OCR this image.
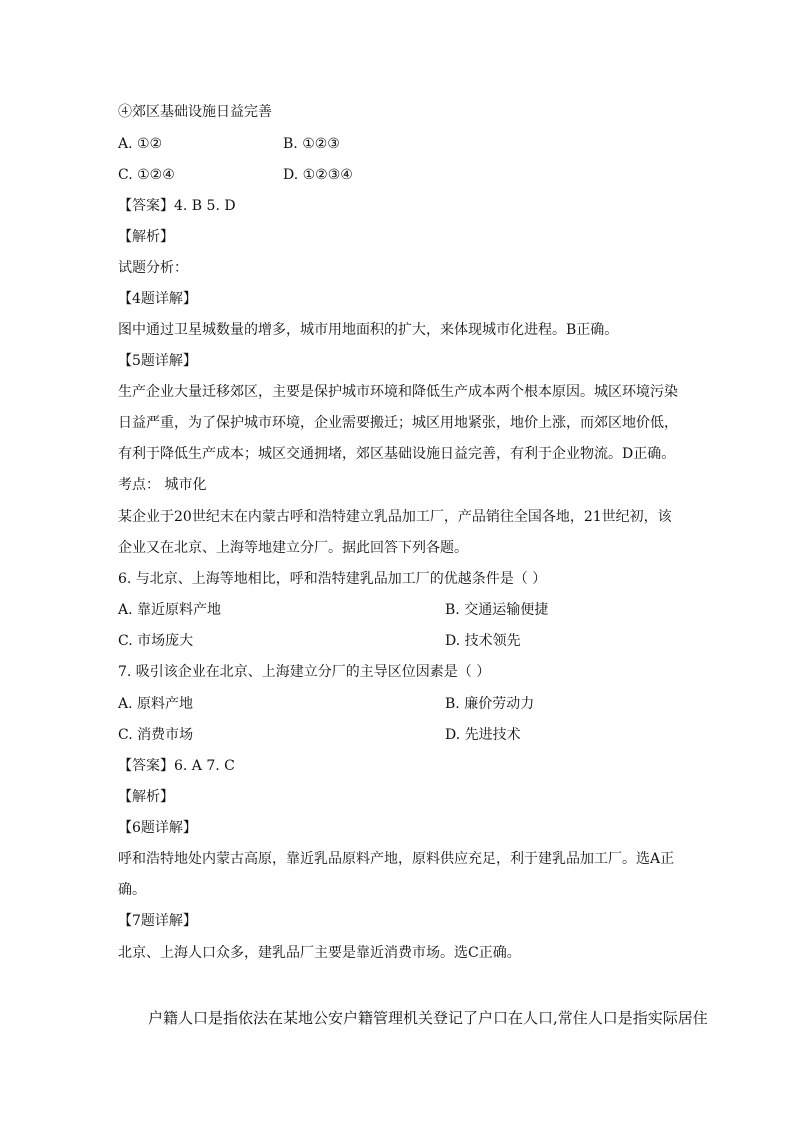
④郊区基础设施日益完善
A. ①②	B. ①②③
C. ①②④	D. ①②③④
【答案】4. B 5. D
【解析】
试题分析：
【4题详解】
图中通过卫星城数量的增多，城市用地面积的扩大，来体现城市化进程。B正确。
【5题详解】
生产企业大量迁移郊区，主要是保护城市环境和降低生产成本两个根本原因。城区环境污染
日益严重，为了保护城市环境，企业需要搬迁；城区用地紧张，地价上涨，而郊区地价低，
有利于降低生产成本；城区交通拥堵，郊区基础设施日益完善，有利于企业物流。D正确。
考点： 城市化
某企业于20世纪末在内蒙古呼和浩特建立乳品加工厂，产品销往全国各地，21世纪初，该
企业又在北京、上海等地建立分厂。据此回答下列各题。
6. 与北京、上海等地相比，呼和浩特建乳品加工厂的优越条件是（ ）
A. 靠近原料产地	B. 交通运输便捷
C. 市场庞大	D. 技术领先
7. 吸引该企业在北京、上海建立分厂的主导区位因素是（ ）
A. 原料产地	B. 廉价劳动力
C. 消费市场	D. 先进技术
【答案】6. A 7. C
【解析】
【6题详解】
呼和浩特地处内蒙古高原，靠近乳品原料产地，原料供应充足，利于建乳品加工厂。选A正
确。
【7题详解】
北京、上海人口众多，建乳品厂主要是靠近消费市场。选C正确。
户籍人口是指依法在某地公安户籍管理机关登记了户口在人口,常住人口是指实际居住
